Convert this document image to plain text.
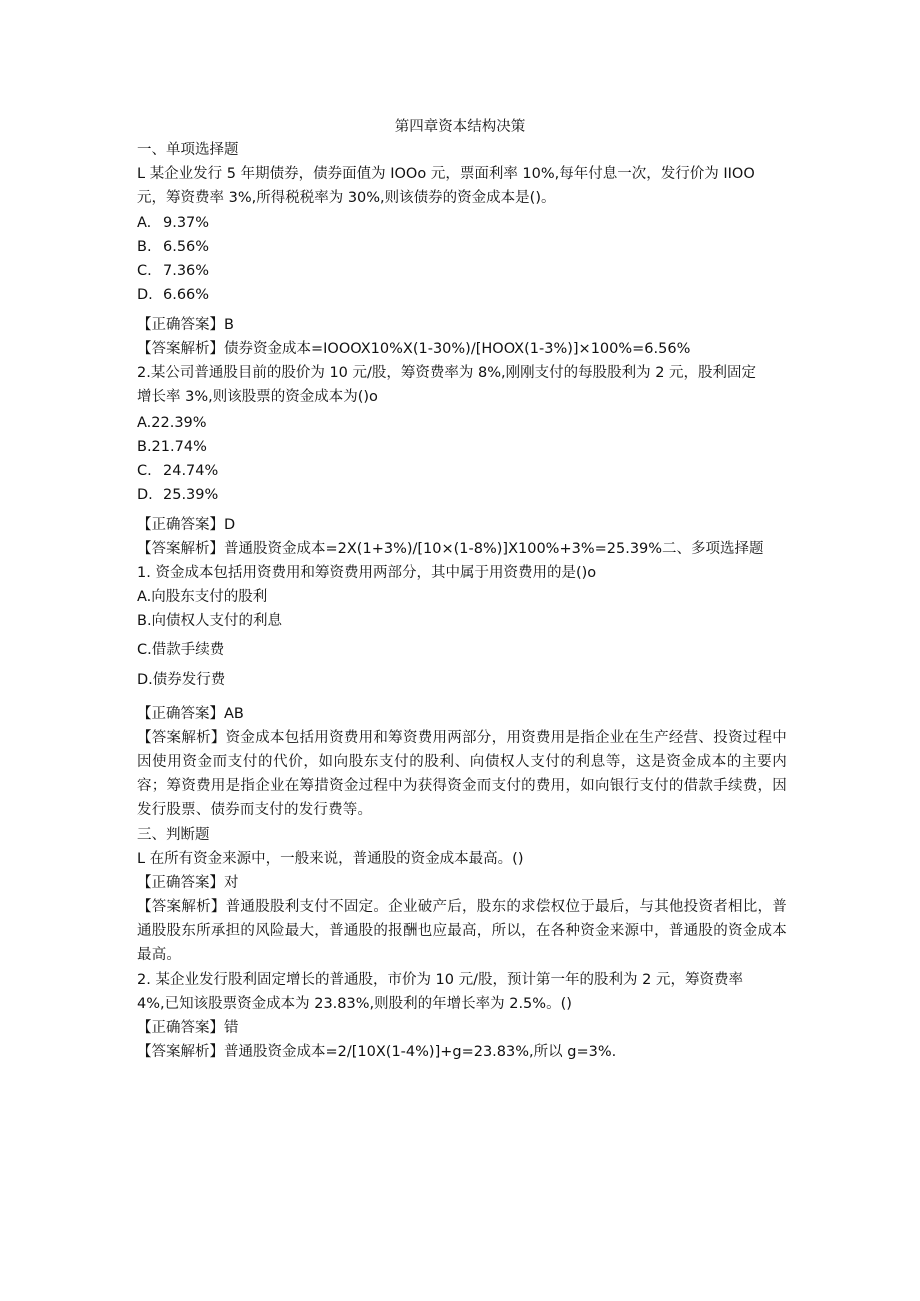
第四章资本结构决策
一、单项选择题
L 某企业发行 5 年期债券，债券面值为 IOOo 元，票面利率 10%,每年付息一次，发行价为 IIOO
元，筹资费率 3%,所得税税率为 30%,则该债券的资金成本是()。
A. 9.37%
B. 6.56%
C. 7.36%
D. 6.66%
【正确答案】B
【答案解析】债券资金成本=IOOOX10%X(1-30%)/[HOOX(1-3%)]×100%=6.56%
2.某公司普通股目前的股价为 10 元/股，筹资费率为 8%,刚刚支付的每股股利为 2 元，股利固定
增长率 3%,则该股票的资金成本为()o
A.22.39%
B.21.74%
C. 24.74%
D. 25.39%
【正确答案】D
【答案解析】普通股资金成本=2X(1+3%)/[10×(1-8%)]X100%+3%=25.39%二、多项选择题
1. 资金成本包括用资费用和筹资费用两部分，其中属于用资费用的是()o
A.向股东支付的股利
B.向债权人支付的利息
C.借款手续费
D.债券发行费
【正确答案】AB
【答案解析】资金成本包括用资费用和筹资费用两部分，用资费用是指企业在生产经营、投资过程中因使用资金而支付的代价，如向股东支付的股利、向债权人支付的利息等，这是资金成本的主要内容；筹资费用是指企业在筹措资金过程中为获得资金而支付的费用，如向银行支付的借款手续费，因发行股票、债券而支付的发行费等。
三、判断题
L 在所有资金来源中，一般来说，普通股的资金成本最高。()
【正确答案】对
【答案解析】普通股股利支付不固定。企业破产后，股东的求偿权位于最后，与其他投资者相比，普通股股东所承担的风险最大，普通股的报酬也应最高，所以，在各种资金来源中，普通股的资金成本最高。
2. 某企业发行股利固定增长的普通股，市价为 10 元/股，预计第一年的股利为 2 元，筹资费率
4%,已知该股票资金成本为 23.83%,则股利的年增长率为 2.5%。()
【正确答案】错
【答案解析】普通股资金成本=2/[10X(1-4%)]+g=23.83%,所以 g=3%.
